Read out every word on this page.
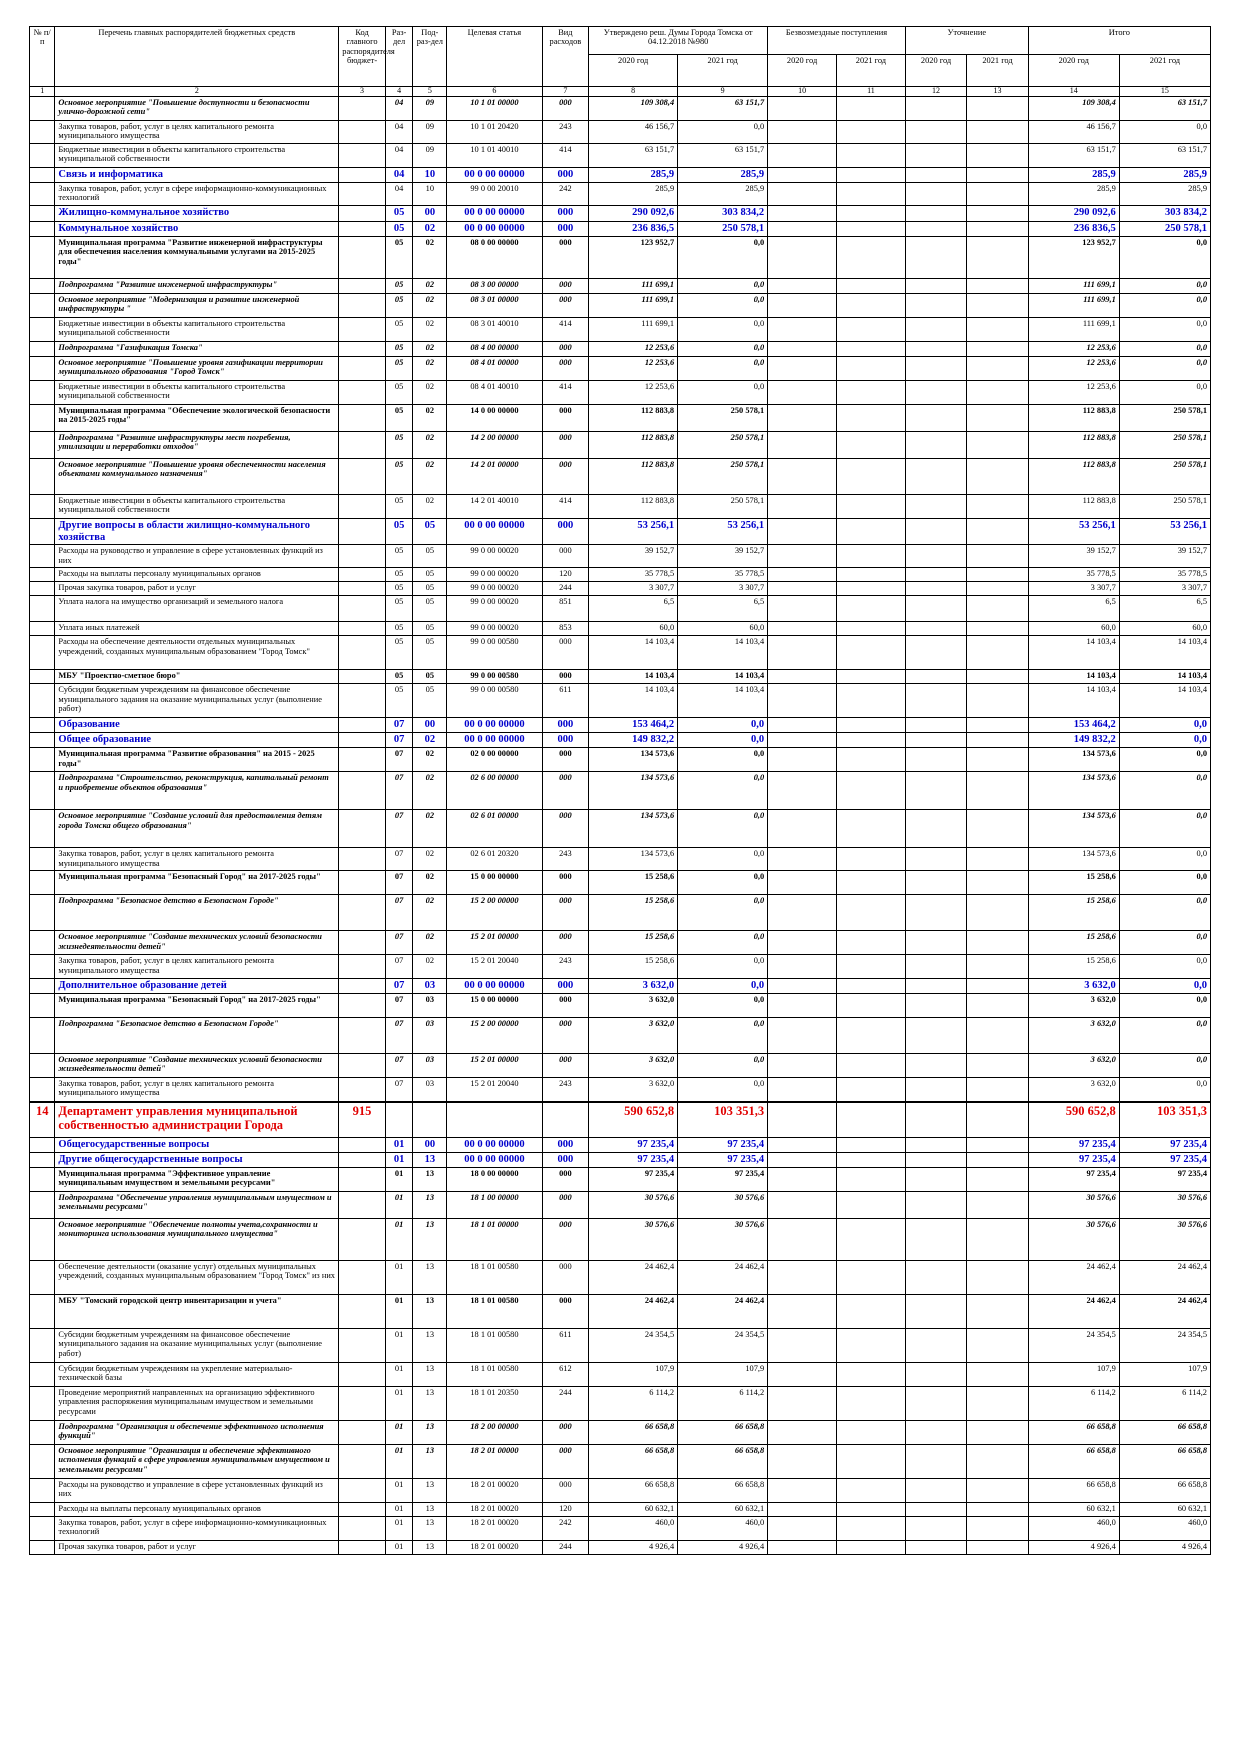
№ п/п	Перечень главных распорядителей бюджетных средств	Код главного распорядителя бюджет-	Раз-дел	Под-раз-дел	Целевая статья	Вид расходов	Утверждено реш. Думы Города Томска от 04.12.2018 №980		Безвозмездные поступления		Уточнение		Итого	
							2020 год	2021 год	2020 год	2021 год	2020 год	2021 год	2020 год	2021 год
1	2	3	4	5	6	7	8	9	10	11	12	13	14	15
	Основное мероприятие "Повышение доступности и безопасности улично-дорожной сети"		04	09	10 1 01 00000	000	109 308,4	63 151,7					109 308,4	63 151,7
	Закупка товаров, работ, услуг в целях капитального ремонта муниципального имущества		04	09	10 1 01 20420	243	46 156,7	0,0					46 156,7	0,0
	Бюджетные инвестиции в объекты капитального строительства муниципальной собственности		04	09	10 1 01 40010	414	63 151,7	63 151,7					63 151,7	63 151,7
	Связь и информатика		04	10	00 0 00 00000	000	285,9	285,9					285,9	285,9
	Закупка товаров, работ, услуг в сфере информационно-коммуникационных технологий		04	10	99 0 00 20010	242	285,9	285,9					285,9	285,9
	Жилищно-коммунальное хозяйство		05	00	00 0 00 00000	000	290 092,6	303 834,2					290 092,6	303 834,2
	Коммунальное хозяйство		05	02	00 0 00 00000	000	236 836,5	250 578,1					236 836,5	250 578,1
	Муниципальная программа "Развитие инженерной инфраструктуры для обеспечения населения коммунальными услугами на 2015-2025 годы"		05	02	08 0 00 00000	000	123 952,7	0,0					123 952,7	0,0
	Подпрограмма "Развитие инженерной инфраструктуры"		05	02	08 3 00 00000	000	111 699,1	0,0					111 699,1	0,0
	Основное мероприятие "Модернизация и развитие инженерной инфраструктуры "		05	02	08 3 01 00000	000	111 699,1	0,0					111 699,1	0,0
	Бюджетные инвестиции в объекты капитального строительства муниципальной собственности		05	02	08 3 01 40010	414	111 699,1	0,0					111 699,1	0,0
	Подпрограмма "Газификация Томска"		05	02	08 4 00 00000	000	12 253,6	0,0					12 253,6	0,0
	Основное мероприятие "Повышение уровня газификации территории муниципального образования "Город Томск"		05	02	08 4 01 00000	000	12 253,6	0,0					12 253,6	0,0
	Бюджетные инвестиции в объекты капитального строительства муниципальной собственности		05	02	08 4 01 40010	414	12 253,6	0,0					12 253,6	0,0
	Муниципальная программа "Обеспечение экологической безопасности на 2015-2025 годы"		05	02	14 0 00 00000	000	112 883,8	250 578,1					112 883,8	250 578,1
	Подпрограмма "Развитие инфраструктуры мест погребения, утилизации и переработки отходов"		05	02	14 2 00 00000	000	112 883,8	250 578,1					112 883,8	250 578,1
	Основное мероприятие "Повышение уровня обеспеченности населения объектами коммунального назначения"		05	02	14 2 01 00000	000	112 883,8	250 578,1					112 883,8	250 578,1
	Бюджетные инвестиции в объекты капитального строительства муниципальной собственности		05	02	14 2 01 40010	414	112 883,8	250 578,1					112 883,8	250 578,1
	Другие вопросы в области жилищно-коммунального хозяйства		05	05	00 0 00 00000	000	53 256,1	53 256,1					53 256,1	53 256,1
	Расходы на руководство и управление в сфере установленных функций из них		05	05	99 0 00 00020	000	39 152,7	39 152,7					39 152,7	39 152,7
	Расходы на выплаты персоналу муниципальных органов		05	05	99 0 00 00020	120	35 778,5	35 778,5					35 778,5	35 778,5
	Прочая закупка товаров, работ и услуг		05	05	99 0 00 00020	244	3 307,7	3 307,7					3 307,7	3 307,7
	Уплата налога на имущество организаций и земельного налога		05	05	99 0 00 00020	851	6,5	6,5					6,5	6,5
	Уплата иных платежей		05	05	99 0 00 00020	853	60,0	60,0					60,0	60,0
	Расходы на обеспечение деятельности отдельных муниципальных учреждений, созданных муниципальным образованием "Город Томск"		05	05	99 0 00 00580	000	14 103,4	14 103,4					14 103,4	14 103,4
	МБУ "Проектно-сметное бюро"		05	05	99 0 00 00580	000	14 103,4	14 103,4					14 103,4	14 103,4
	Субсидии бюджетным учреждениям на финансовое обеспечение муниципального задания на оказание муниципальных услуг (выполнение работ)		05	05	99 0 00 00580	611	14 103,4	14 103,4					14 103,4	14 103,4
	Образование		07	00	00 0 00 00000	000	153 464,2	0,0					153 464,2	0,0
	Общее образование		07	02	00 0 00 00000	000	149 832,2	0,0					149 832,2	0,0
	Муниципальная программа "Развитие образования" на 2015 - 2025 годы"		07	02	02 0 00 00000	000	134 573,6	0,0					134 573,6	0,0
	Подпрограмма "Строительство, реконструкция, капитальный ремонт и приобретение объектов образования"		07	02	02 6 00 00000	000	134 573,6	0,0					134 573,6	0,0
	Основное мероприятие "Создание условий для предоставления детям города Томска общего образования"		07	02	02 6 01 00000	000	134 573,6	0,0					134 573,6	0,0
	Закупка товаров, работ, услуг в целях капитального ремонта муниципального имущества		07	02	02 6 01 20320	243	134 573,6	0,0					134 573,6	0,0
	Муниципальная программа "Безопасный Город" на 2017-2025 годы"		07	02	15 0 00 00000	000	15 258,6	0,0					15 258,6	0,0
	Подпрограмма "Безопасное детство в Безопасном Городе"		07	02	15 2 00 00000	000	15 258,6	0,0					15 258,6	0,0
	Основное мероприятие "Создание технических условий безопасности жизнедеятельности детей"		07	02	15 2 01 00000	000	15 258,6	0,0					15 258,6	0,0
	Закупка товаров, работ, услуг в целях капитального ремонта муниципального имущества		07	02	15 2 01 20040	243	15 258,6	0,0					15 258,6	0,0
	Дополнительное образование детей		07	03	00 0 00 00000	000	3 632,0	0,0					3 632,0	0,0
	Муниципальная программа "Безопасный Город" на 2017-2025 годы"		07	03	15 0 00 00000	000	3 632,0	0,0					3 632,0	0,0
	Подпрограмма "Безопасное детство в Безопасном Городе"		07	03	15 2 00 00000	000	3 632,0	0,0					3 632,0	0,0
	Основное мероприятие "Создание технических условий безопасности жизнедеятельности детей"		07	03	15 2 01 00000	000	3 632,0	0,0					3 632,0	0,0
	Закупка товаров, работ, услуг в целях капитального ремонта муниципального имущества		07	03	15 2 01 20040	243	3 632,0	0,0					3 632,0	0,0
14	Департамент управления муниципальной собственностью администрации Города	915					590 652,8	103 351,3					590 652,8	103 351,3
	Общегосударственные вопросы		01	00	00 0 00 00000	000	97 235,4	97 235,4					97 235,4	97 235,4
	Другие общегосударственные вопросы		01	13	00 0 00 00000	000	97 235,4	97 235,4					97 235,4	97 235,4
	Муниципальная программа "Эффективное управление муниципальным имуществом и земельными ресурсами"		01	13	18 0 00 00000	000	97 235,4	97 235,4					97 235,4	97 235,4
	Подпрограмма "Обеспечение управления муниципальным имуществом и земельными ресурсами"		01	13	18 1 00 00000	000	30 576,6	30 576,6					30 576,6	30 576,6
	Основное мероприятие "Обеспечение полноты учета,сохранности и мониторинга использования муниципального имущества"		01	13	18 1 01 00000	000	30 576,6	30 576,6					30 576,6	30 576,6
	Обеспечение деятельности (оказание услуг) отдельных муниципальных учреждений, созданных муниципальным образованием "Город Томск" из них		01	13	18 1 01 00580	000	24 462,4	24 462,4					24 462,4	24 462,4
	МБУ "Томский городской центр инвентаризации и учета"		01	13	18 1 01 00580	000	24 462,4	24 462,4					24 462,4	24 462,4
	Субсидии бюджетным учреждениям на финансовое обеспечение муниципального задания на оказание муниципальных услуг (выполнение работ)		01	13	18 1 01 00580	611	24 354,5	24 354,5					24 354,5	24 354,5
	Субсидии бюджетным учреждениям на укрепление материально-технической базы		01	13	18 1 01 00580	612	107,9	107,9					107,9	107,9
	Проведение мероприятий направленных на организацию эффективного управления распоряжения муниципальным имуществом и земельными ресурсами		01	13	18 1 01 20350	244	6 114,2	6 114,2					6 114,2	6 114,2
	Подпрограмма "Организация и обеспечение эффективного исполнения функций"		01	13	18 2 00 00000	000	66 658,8	66 658,8					66 658,8	66 658,8
	Основное мероприятие "Организация и обеспечение эффективного исполнения функций в сфере управления муниципальным имуществом и земельными ресурсами"		01	13	18 2 01 00000	000	66 658,8	66 658,8					66 658,8	66 658,8
	Расходы на руководство и управление в сфере установленных функций из них		01	13	18 2 01 00020	000	66 658,8	66 658,8					66 658,8	66 658,8
	Расходы на выплаты персоналу муниципальных органов		01	13	18 2 01 00020	120	60 632,1	60 632,1					60 632,1	60 632,1
	Закупка товаров, работ, услуг в сфере информационно-коммуникационных технологий		01	13	18 2 01 00020	242	460,0	460,0					460,0	460,0
	Прочая закупка товаров, работ и услуг		01	13	18 2 01 00020	244	4 926,4	4 926,4					4 926,4	4 926,4
